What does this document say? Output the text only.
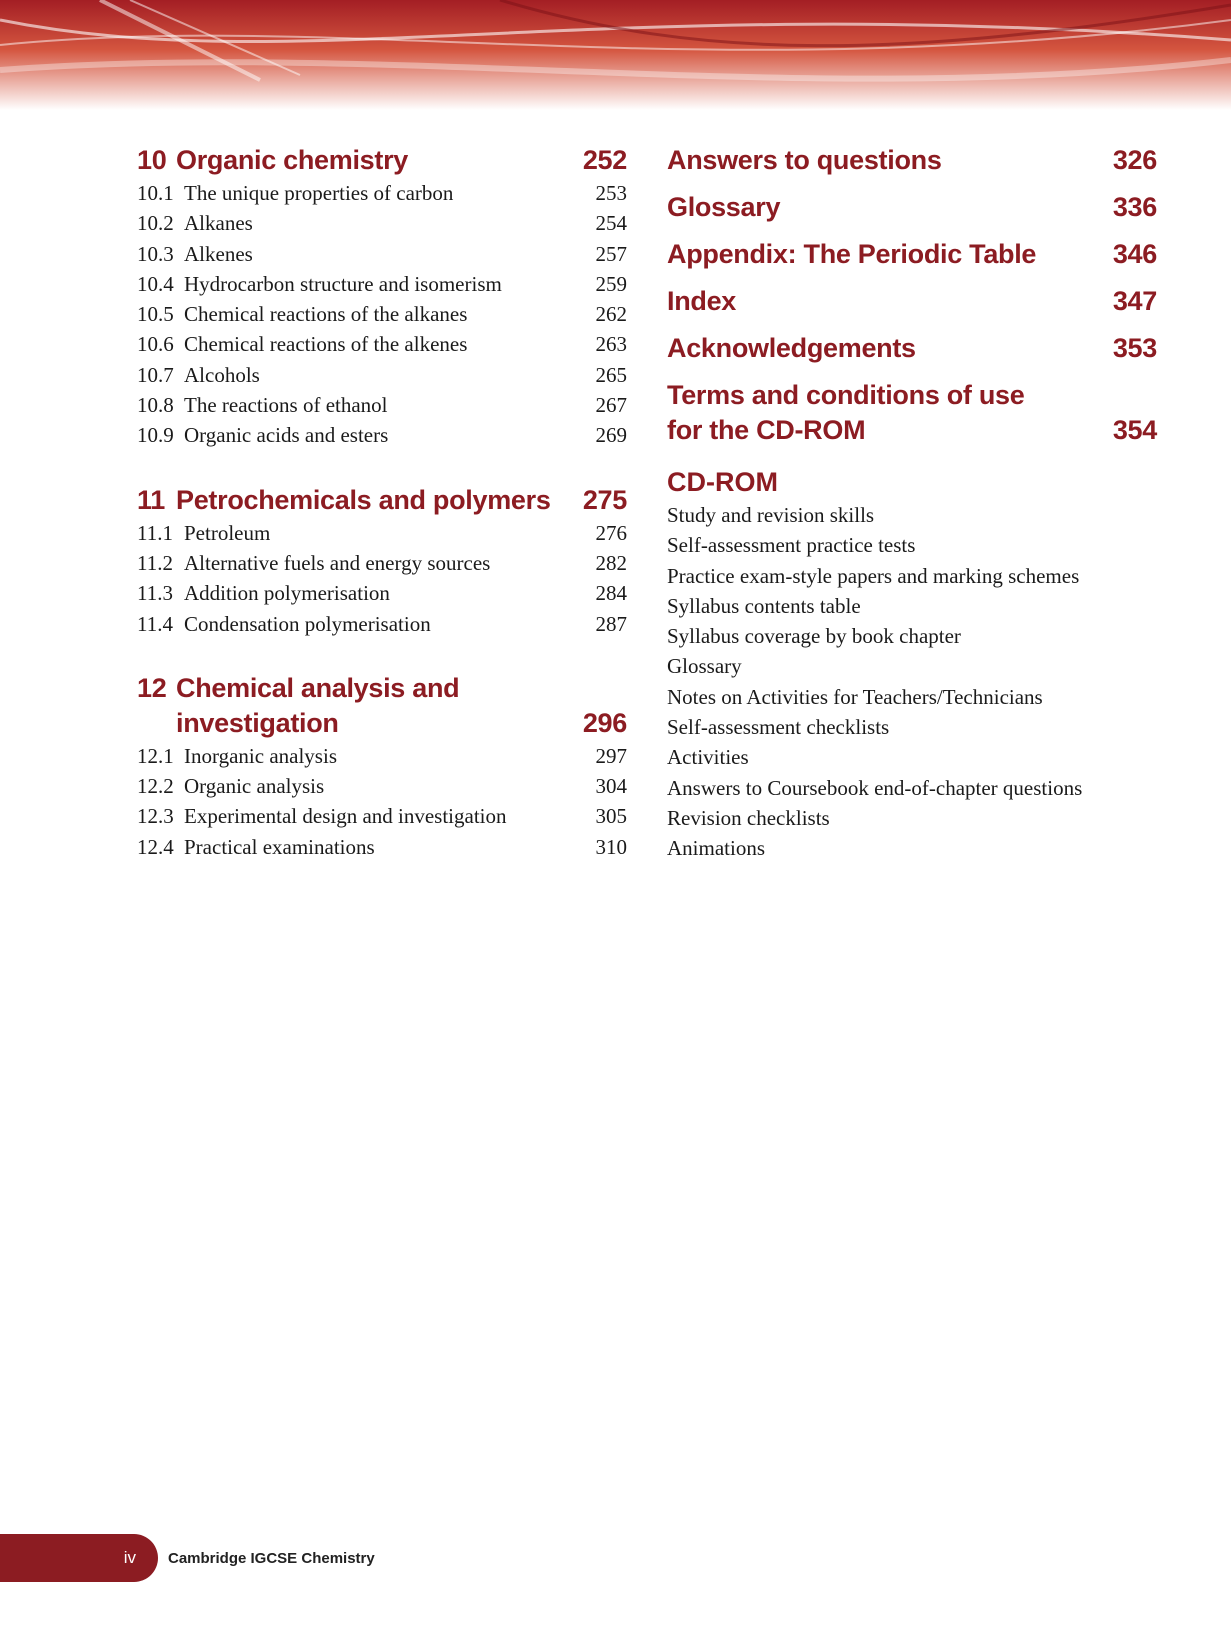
10 Organic chemistry	252
10.1 The unique properties of carbon	253
10.2 Alkanes	254
10.3 Alkenes	257
10.4 Hydrocarbon structure and isomerism	259
10.5 Chemical reactions of the alkanes	262
10.6 Chemical reactions of the alkenes	263
10.7 Alcohols	265
10.8 The reactions of ethanol	267
10.9 Organic acids and esters	269
11 Petrochemicals and polymers 275
11.1 Petroleum	276
11.2 Alternative fuels and energy sources	282
11.3 Addition polymerisation	284
11.4 Condensation polymerisation	287
12 Chemical analysis and investigation	296
12.1 Inorganic analysis	297
12.2 Organic analysis	304
12.3 Experimental design and investigation	305
12.4 Practical examinations	310
Answers to questions	326
Glossary	336
Appendix: The Periodic Table	346
Index	347
Acknowledgements	353
Terms and conditions of use for the CD-ROM	354
CD-ROM
Study and revision skills
Self-assessment practice tests
Practice exam-style papers and marking schemes
Syllabus contents table
Syllabus coverage by book chapter
Glossary
Notes on Activities for Teachers/Technicians
Self-assessment checklists
Activities
Answers to Coursebook end-of-chapter questions
Revision checklists
Animations
iv Cambridge IGCSE Chemistry
